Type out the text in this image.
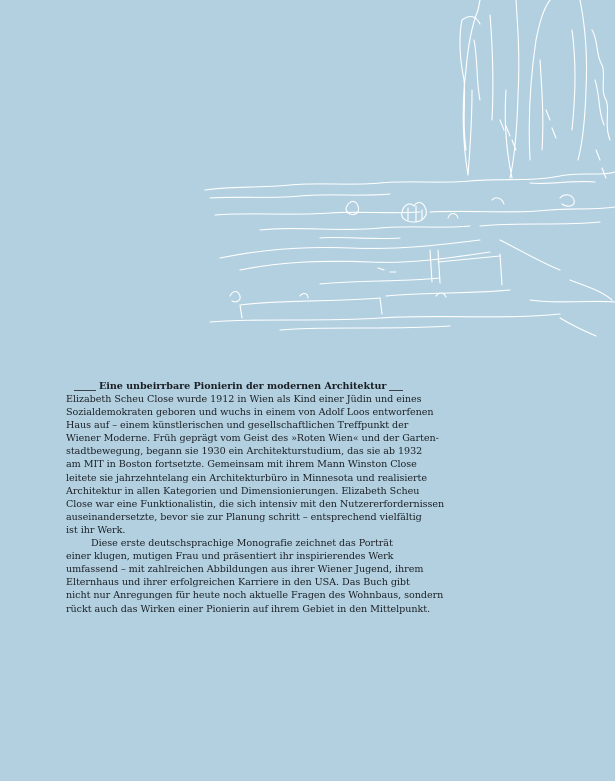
Eine unbeirrbare Pionierin der modernen Architektur
Elizabeth Scheu Close wurde 1912 in Wien als Kind einer Jüdin und eines
Sozialdemokraten geboren und wuchs in einem von Adolf Loos entworfenen
Haus auf – einem künstlerischen und gesellschaftlichen Treffpunkt der
Wiener Moderne. Früh geprägt vom Geist des »Roten Wien« und der Garten-
stadtbewegung, begann sie 1930 ein Architekturstudium, das sie ab 1932
am MIT in Boston fortsetzte. Gemeinsam mit ihrem Mann Winston Close
leitete sie jahrzehntelang ein Architekturbüro in Minnesota und realisierte
Architektur in allen Kategorien und Dimensionierungen. Elizabeth Scheu
Close war eine Funktionalistin, die sich intensiv mit den Nutzererfordernissen
auseinandersetzte, bevor sie zur Planung schritt – entsprechend vielfältig
ist ihr Werk.
Diese erste deutschsprachige Monografie zeichnet das Porträt
einer klugen, mutigen Frau und präsentiert ihr inspirierendes Werk
umfassend – mit zahlreichen Abbildungen aus ihrer Wiener Jugend, ihrem
Elternhaus und ihrer erfolgreichen Karriere in den USA. Das Buch gibt
nicht nur Anregungen für heute noch aktuelle Fragen des Wohnbaus, sondern
rückt auch das Wirken einer Pionierin auf ihrem Gebiet in den Mittelpunkt.
